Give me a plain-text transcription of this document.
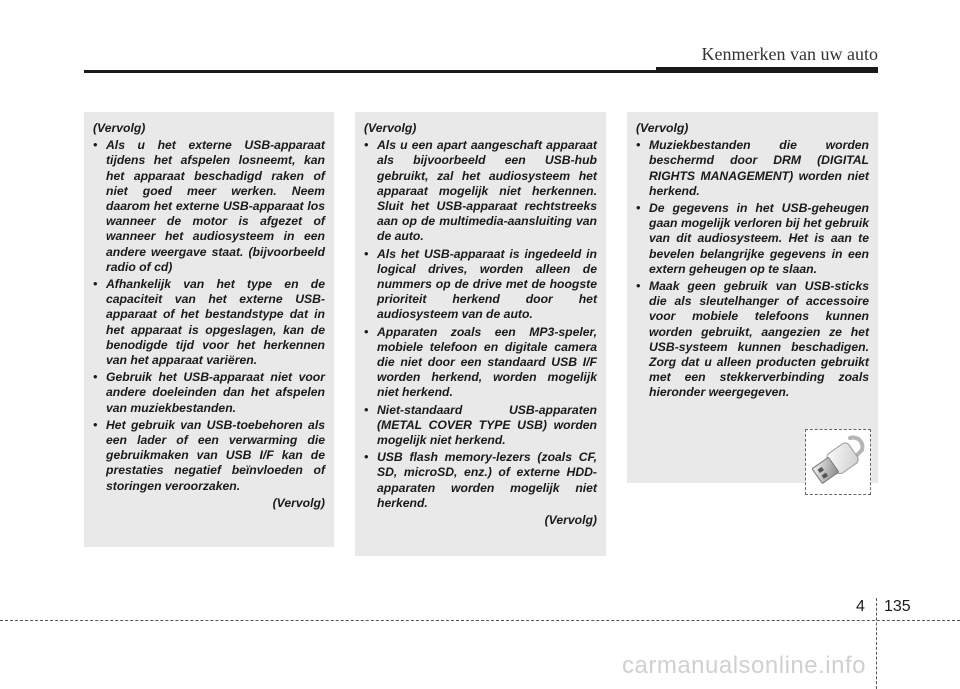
Kenmerken van uw auto
(Vervolg)
• Als u het externe USB-apparaat tijdens het afspelen losneemt, kan het apparaat beschadigd raken of niet goed meer werken. Neem daarom het externe USB-apparaat los wanneer de motor is afgezet of wanneer het audiosysteem in een andere weergave staat. (bijvoorbeeld radio of cd)
• Afhankelijk van het type en de capaciteit van het externe USB-apparaat of het bestandstype dat in het apparaat is opgeslagen, kan de benodigde tijd voor het herkennen van het apparaat variëren.
• Gebruik het USB-apparaat niet voor andere doeleinden dan het afspelen van muziekbestanden.
• Het gebruik van USB-toebehoren als een lader of een verwarming die gebruikmaken van USB I/F kan de prestaties negatief beïnvloeden of storingen veroorzaken.
(Vervolg)
(Vervolg)
• Als u een apart aangeschaft apparaat als bijvoorbeeld een USB-hub gebruikt, zal het audiosysteem het apparaat mogelijk niet herkennen. Sluit het USB-apparaat rechtstreeks aan op de multimedia-aansluiting van de auto.
• Als het USB-apparaat is ingedeeld in logical drives, worden alleen de nummers op de drive met de hoogste prioriteit herkend door het audiosysteem van de auto.
• Apparaten zoals een MP3-speler, mobiele telefoon en digitale camera die niet door een standaard USB I/F worden herkend, worden mogelijk niet herkend.
• Niet-standaard USB-apparaten (METAL COVER TYPE USB) worden mogelijk niet herkend.
• USB flash memory-lezers (zoals CF, SD, microSD, enz.) of externe HDD-apparaten worden mogelijk niet herkend.
(Vervolg)
(Vervolg)
• Muziekbestanden die worden beschermd door DRM (DIGITAL RIGHTS MANAGEMENT) worden niet herkend.
• De gegevens in het USB-geheugen gaan mogelijk verloren bij het gebruik van dit audiosysteem. Het is aan te bevelen belangrijke gegevens in een extern geheugen op te slaan.
• Maak geen gebruik van USB-sticks die als sleutelhanger of accessoire voor mobiele telefoons kunnen worden gebruikt, aangezien ze het USB-systeem kunnen beschadigen. Zorg dat u alleen producten gebruikt met een stekkerverbinding zoals hieronder weergegeven.
4 135
carmanualsonline.info
